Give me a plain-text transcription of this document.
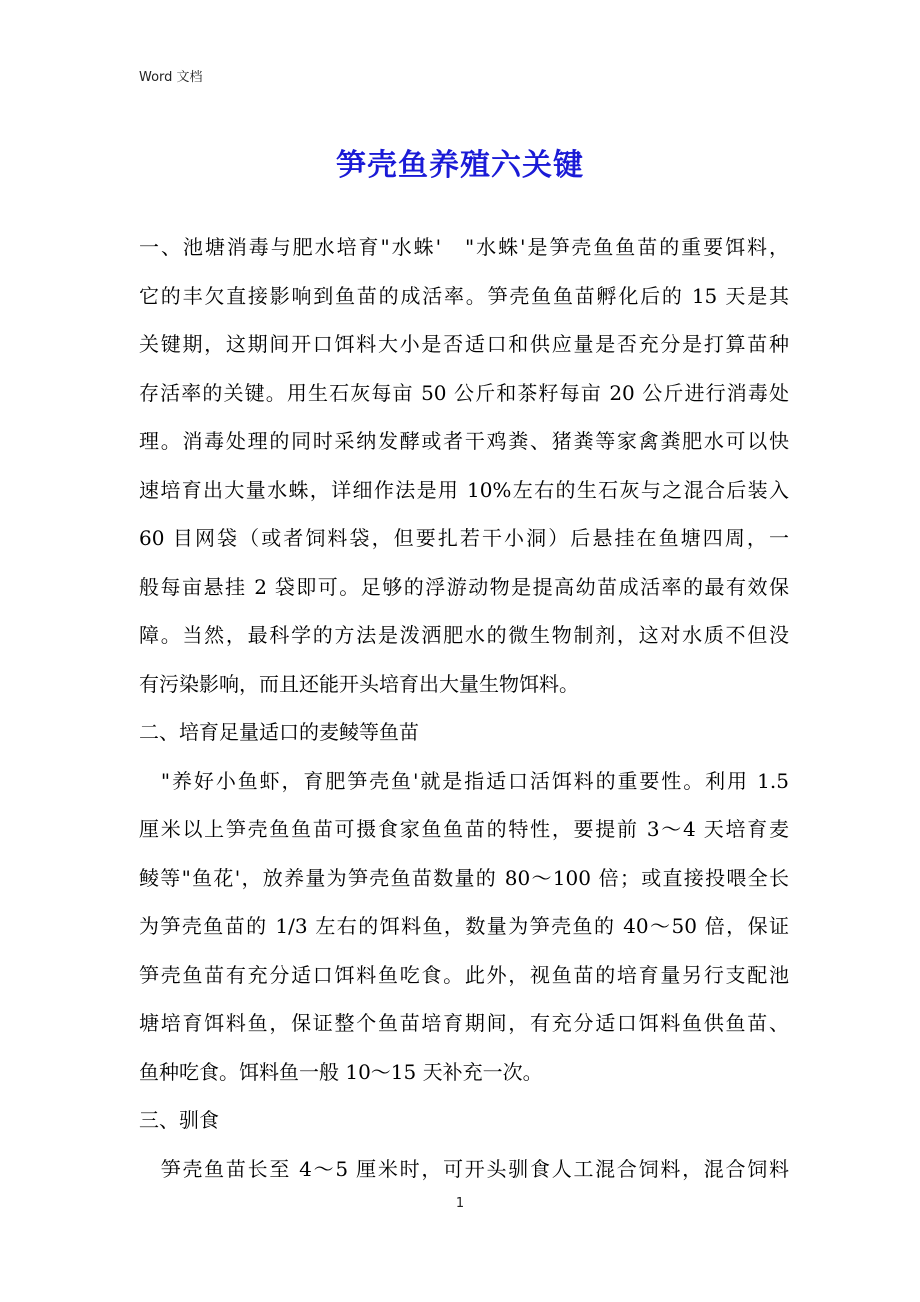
Word 文档
笋壳鱼养殖六关键
一、池塘消毒与肥水培育"水蛛'　"水蛛'是笋壳鱼鱼苗的重要饵料，
它的丰欠直接影响到鱼苗的成活率。笋壳鱼鱼苗孵化后的 15 天是其
关键期，这期间开口饵料大小是否适口和供应量是否充分是打算苗种
存活率的关键。用生石灰每亩 50 公斤和茶籽每亩 20 公斤进行消毒处
理。消毒处理的同时采纳发酵或者干鸡粪、猪粪等家禽粪肥水可以快
速培育出大量水蛛，详细作法是用 10%左右的生石灰与之混合后装入
60 目网袋（或者饲料袋，但要扎若干小洞）后悬挂在鱼塘四周，一
般每亩悬挂 2 袋即可。足够的浮游动物是提高幼苗成活率的最有效保
障。当然，最科学的方法是泼洒肥水的微生物制剂，这对水质不但没
有污染影响，而且还能开头培育出大量生物饵料。
二、培育足量适口的麦鲮等鱼苗
　"养好小鱼虾，育肥笋壳鱼'就是指适口活饵料的重要性。利用 1.5
厘米以上笋壳鱼鱼苗可摄食家鱼鱼苗的特性，要提前 3～4 天培育麦
鲮等"鱼花'，放养量为笋壳鱼苗数量的 80～100 倍；或直接投喂全长
为笋壳鱼苗的 1/3 左右的饵料鱼，数量为笋壳鱼的 40～50 倍，保证
笋壳鱼苗有充分适口饵料鱼吃食。此外，视鱼苗的培育量另行支配池
塘培育饵料鱼，保证整个鱼苗培育期间，有充分适口饵料鱼供鱼苗、
鱼种吃食。饵料鱼一般 10～15 天补充一次。
三、驯食
　笋壳鱼苗长至 4～5 厘米时，可开头驯食人工混合饲料，混合饲料
1
